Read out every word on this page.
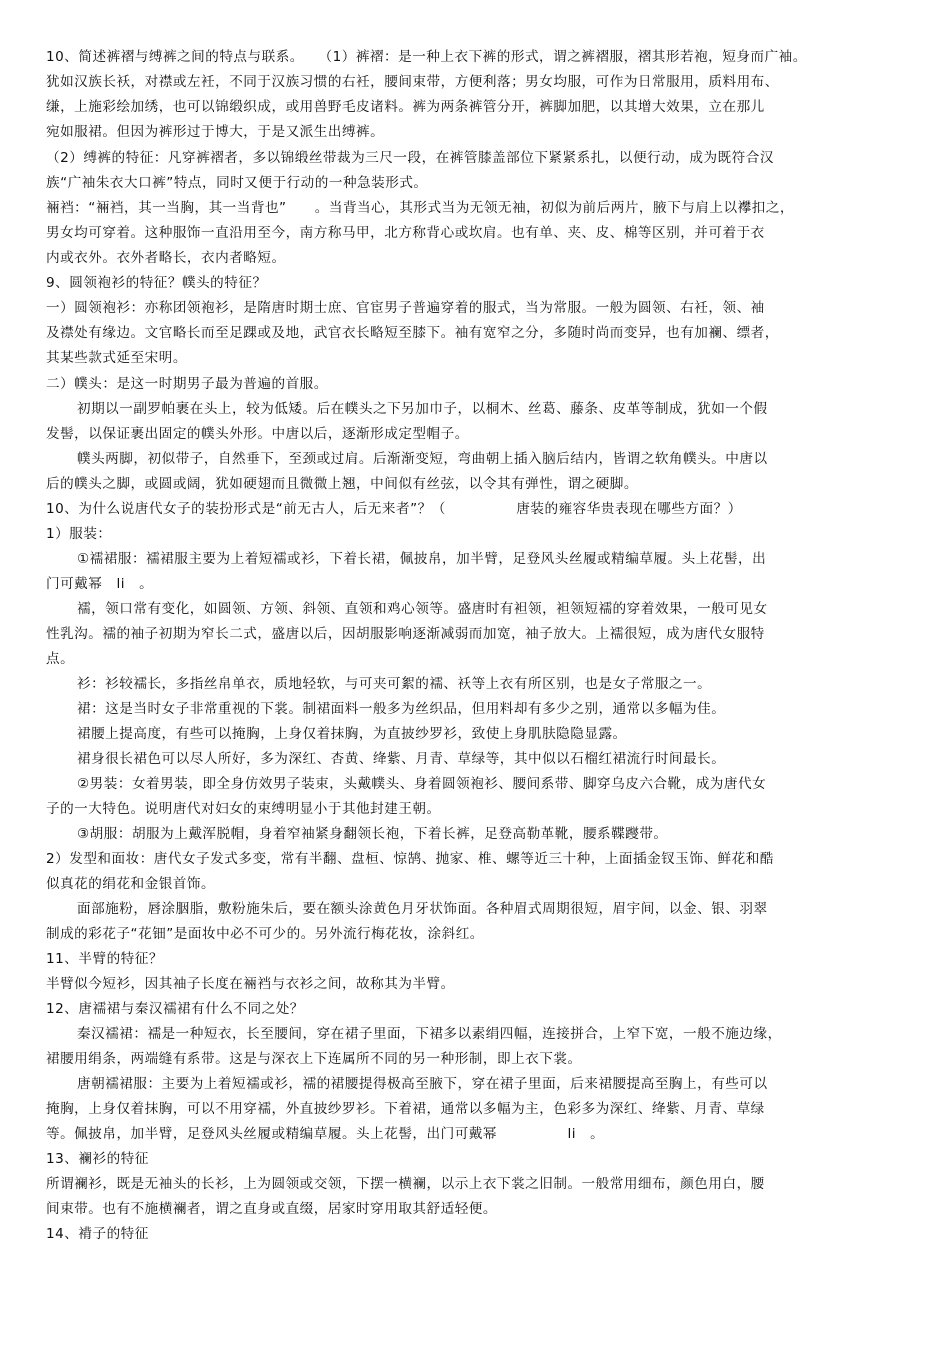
10、简述裤褶与缚裤之间的特点与联系。　　（1）裤褶：是一种上衣下裤的形式，谓之裤褶服，褶其形若袍，短身而广袖。
犹如汉族长袄，对襟或左衽，不同于汉族习惯的右衽，腰间束带，方便利落；男女均服，可作为日常服用，质料用布、
缣，上施彩绘加绣，也可以锦缎织成，或用兽野毛皮诸料。裤为两条裤管分开，裤脚加肥，以其增大效果，立在那儿
宛如服裙。但因为裤形过于博大，于是又派生出缚裤。
（2）缚裤的特征：凡穿裤褶者，多以锦缎丝带裁为三尺一段，在裤管膝盖部位下紧紧系扎，以便行动，成为既符合汉
族“广袖朱衣大口裤”特点，同时又便于行动的一种急装形式。
裲裆：“裲裆，其一当胸，其一当背也”　　。当背当心，其形式当为无领无袖，初似为前后两片，腋下与肩上以襻扣之，
男女均可穿着。这种服饰一直沿用至今，南方称马甲，北方称背心或坎肩。也有单、夹、皮、棉等区别，并可着于衣
内或衣外。衣外者略长，衣内者略短。
9、圆领袍衫的特征？幞头的特征？
一）圆领袍衫：亦称团领袍衫，是隋唐时期士庶、官宦男子普遍穿着的服式，当为常服。一般为圆领、右衽，领、袖
及襟处有缘边。文官略长而至足踝或及地，武官衣长略短至膝下。袖有宽窄之分，多随时尚而变异，也有加襕、缥者，
其某些款式延至宋明。
二）幞头：是这一时期男子最为普遍的首服。
初期以一副罗帕裹在头上，较为低矮。后在幞头之下另加巾子，以桐木、丝葛、藤条、皮革等制成，犹如一个假
发髻，以保证裹出固定的幞头外形。中唐以后，逐渐形成定型帽子。
幞头两脚，初似带子，自然垂下，至颈或过肩。后渐渐变短，弯曲朝上插入脑后结内，皆谓之软角幞头。中唐以
后的幞头之脚，或圆或阔，犹如硬翅而且微微上翘，中间似有丝弦，以令其有弹性，谓之硬脚。
10、为什么说唐代女子的装扮形式是“前无古人，后无来者”？（　　　　　唐装的雍容华贵表现在哪些方面？）
1）服装：
①襦裙服：襦裙服主要为上着短襦或衫，下着长裙，佩披帛，加半臂，足登风头丝履或精编草履。头上花髻，出
门可戴幂　li　。
襦，领口常有变化，如圆领、方领、斜领、直领和鸡心领等。盛唐时有袒领，袒领短襦的穿着效果，一般可见女
性乳沟。襦的袖子初期为窄长二式，盛唐以后，因胡服影响逐渐减弱而加宽，袖子放大。上襦很短，成为唐代女服特
点。
衫：衫较襦长，多指丝帛单衣，质地轻软，与可夹可絮的襦、袄等上衣有所区别，也是女子常服之一。
裙：这是当时女子非常重视的下裳。制裙面料一般多为丝织品，但用料却有多少之别，通常以多幅为佳。
裙腰上提高度，有些可以掩胸，上身仅着抹胸，为直披纱罗衫，致使上身肌肤隐隐显露。
裙身很长裙色可以尽人所好，多为深红、杏黄、绛紫、月青、草绿等，其中似以石榴红裙流行时间最长。
②男装：女着男装，即全身仿效男子装束，头戴幞头、身着圆领袍衫、腰间系带、脚穿乌皮六合靴，成为唐代女
子的一大特色。说明唐代对妇女的束缚明显小于其他封建王朝。
③胡服：胡服为上戴浑脱帽，身着窄袖紧身翻领长袍，下着长裤，足登高勒革靴，腰系鞢躞带。
2）发型和面妆：唐代女子发式多变，常有半翻、盘桓、惊鹄、抛家、椎、螺等近三十种，上面插金钗玉饰、鲜花和酷
似真花的绢花和金银首饰。
面部施粉，唇涂胭脂，敷粉施朱后，要在额头涂黄色月牙状饰面。各种眉式周期很短，眉宇间，以金、银、羽翠
制成的彩花子“花钿”是面妆中必不可少的。另外流行梅花妆，涂斜红。
11、半臂的特征？
半臂似今短衫，因其袖子长度在裲裆与衣衫之间，故称其为半臂。
12、唐襦裙与秦汉襦裙有什么不同之处？
秦汉襦裙：襦是一种短衣，长至腰间，穿在裙子里面，下裙多以素绢四幅，连接拼合，上窄下宽，一般不施边缘，
裙腰用绢条，两端缝有系带。这是与深衣上下连属所不同的另一种形制，即上衣下裳。
唐朝襦裙服：主要为上着短襦或衫，襦的裙腰提得极高至腋下，穿在裙子里面，后来裙腰提高至胸上，有些可以
掩胸，上身仅着抹胸，可以不用穿襦，外直披纱罗衫。下着裙，通常以多幅为主，色彩多为深红、绛紫、月青、草绿
等。佩披帛，加半臂，足登风头丝履或精编草履。头上花髻，出门可戴幂　　　　　li　。
13、襕衫的特征
所谓襕衫，既是无袖头的长衫，上为圆领或交领，下摆一横襕，以示上衣下裳之旧制。一般常用细布，颜色用白，腰
间束带。也有不施横襕者，谓之直身或直缀，居家时穿用取其舒适轻便。
14、褙子的特征
